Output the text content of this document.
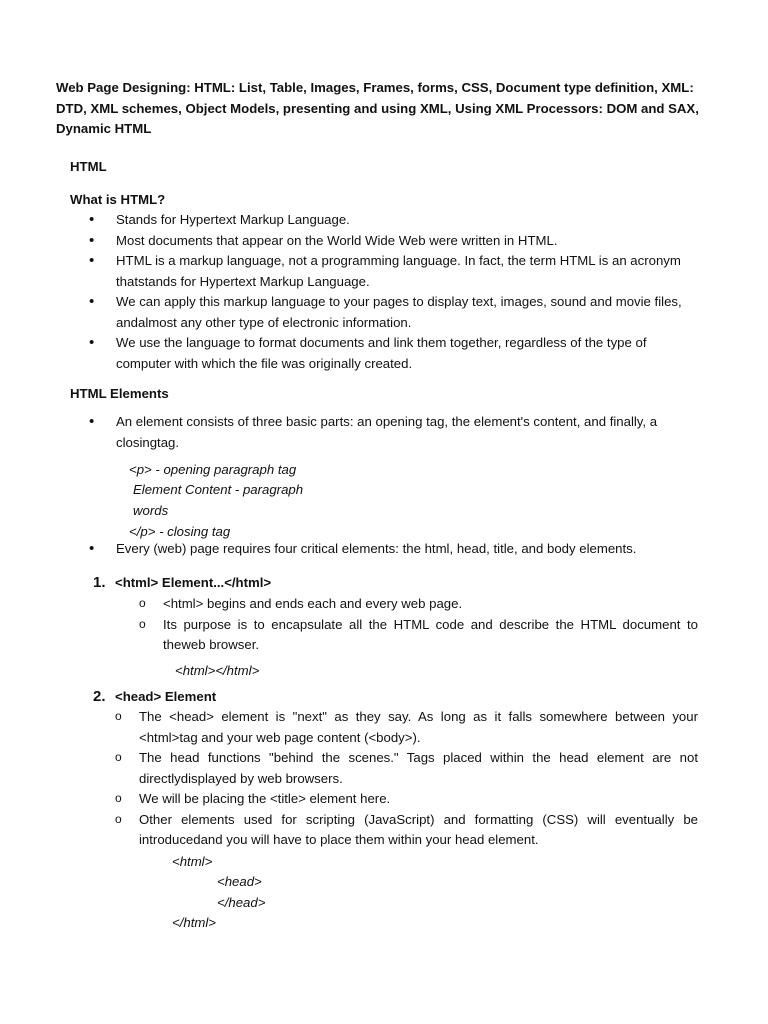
Web Page Designing: HTML: List, Table, Images, Frames, forms, CSS, Document type definition, XML: DTD, XML schemes, Object Models, presenting and using XML, Using XML Processors: DOM and SAX, Dynamic HTML
HTML
What is HTML?
• Stands for Hypertext Markup Language.
• Most documents that appear on the World Wide Web were written in HTML.
• HTML is a markup language, not a programming language. In fact, the term HTML is an acronym thatstands for Hypertext Markup Language.
• We can apply this markup language to your pages to display text, images, sound and movie files, andalmost any other type of electronic information.
• We use the language to format documents and link them together, regardless of the type of computer with which the file was originally created.
HTML Elements
• An element consists of three basic parts: an opening tag, the element's content, and finally, a closingtag.
<p> - opening paragraph tag
Element Content - paragraph
words
</p> - closing tag
• Every (web) page requires four critical elements: the html, head, title, and body elements.
1. <html> Element...</html>
o <html> begins and ends each and every web page.
o Its purpose is to encapsulate all the HTML code and describe the HTML document to theweb browser.
<html></html>
2. <head> Element
o The <head> element is "next" as they say. As long as it falls somewhere between your <html>tag and your web page content (<body>).
o The head functions "behind the scenes." Tags placed within the head element are not directlydisplayed by web browsers.
o We will be placing the <title> element here.
o Other elements used for scripting (JavaScript) and formatting (CSS) will eventually be introducedand you will have to place them within your head element.
<html>
<head>
</head>
</html>
